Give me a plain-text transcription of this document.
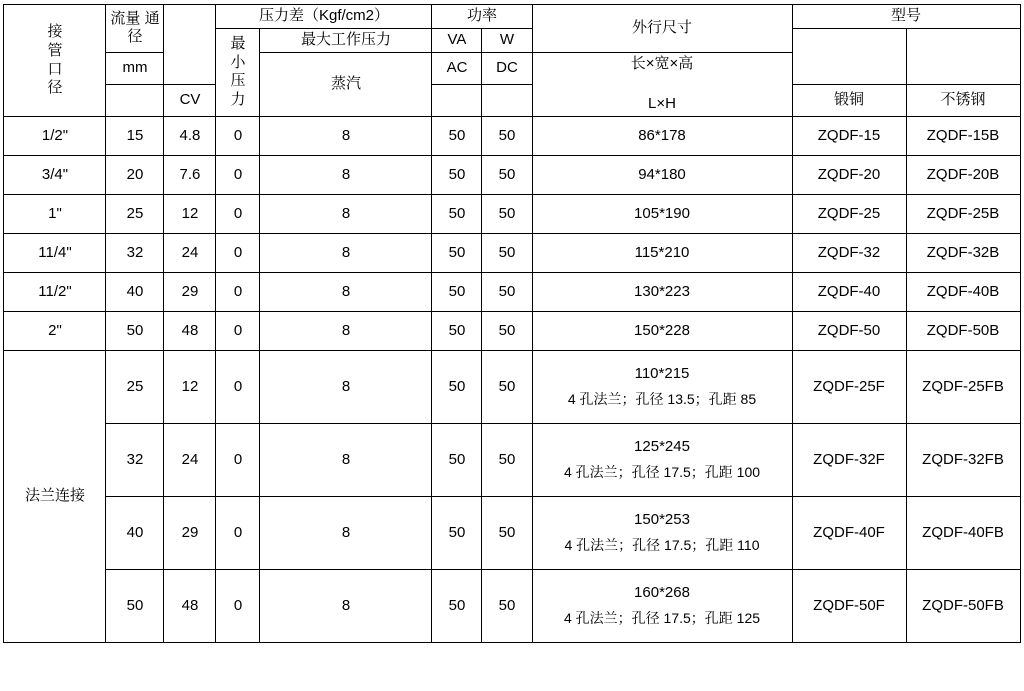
接
管
口
径	流量 通径		压力差（Kgf/cm2）		功率		外行尺寸	型号	

			最
小
压
力	最大工作压力	VA	W			
	mm			蒸汽	AC	DC	长×宽×高
L×H		
		CV						锻铜	不锈钢
1/2"	15	4.8	0	8	50	50	86*178	ZQDF-15	ZQDF-15B
3/4"	20	7.6	0	8	50	50	94*180	ZQDF-20	ZQDF-20B
1"	25	12	0	8	50	50	105*190	ZQDF-25	ZQDF-25B
11/4"	32	24	0	8	50	50	115*210	ZQDF-32	ZQDF-32B
11/2"	40	29	0	8	50	50	130*223	ZQDF-40	ZQDF-40B
2"	50	48	0	8	50	50	150*228	ZQDF-50	ZQDF-50B
法兰连接	25	12	0	8	50	50	110*215
4 孔法兰；孔径 13.5；孔距 85	ZQDF-25F	ZQDF-25FB
	32	24	0	8	50	50	125*245
4 孔法兰；孔径 17.5；孔距 100	ZQDF-32F	ZQDF-32FB
	40	29	0	8	50	50	150*253
4 孔法兰；孔径 17.5；孔距 110	ZQDF-40F	ZQDF-40FB
	50	48	0	8	50	50	160*268
4 孔法兰；孔径 17.5；孔距 125	ZQDF-50F	ZQDF-50FB
